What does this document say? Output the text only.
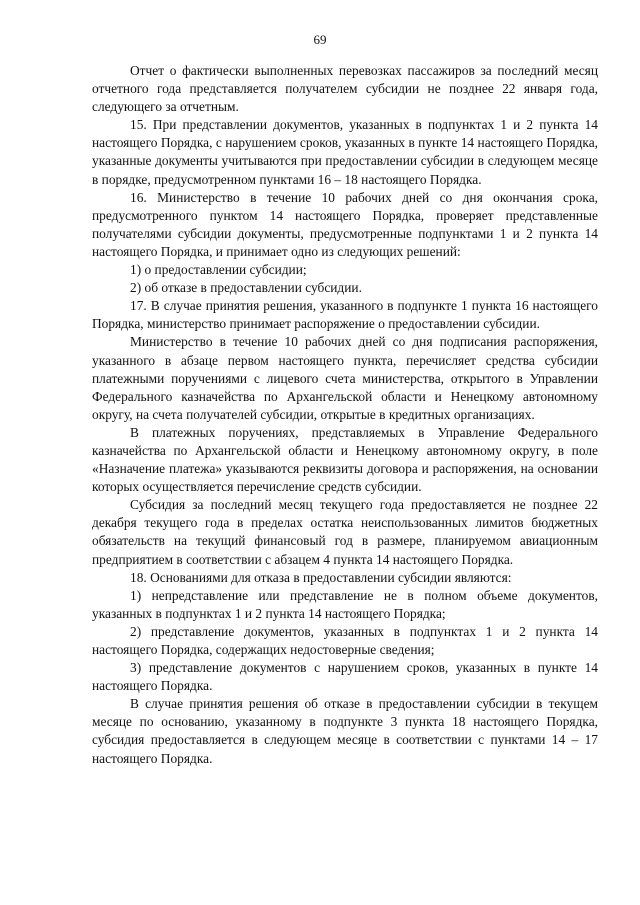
69

Отчет о фактически выполненных перевозках пассажиров за последний месяц отчетного года представляется получателем субсидии не позднее 22 января года, следующего за отчетным.

15. При представлении документов, указанных в подпунктах 1 и 2 пункта 14 настоящего Порядка, с нарушением сроков, указанных в пункте 14 настоящего Порядка, указанные документы учитываются при предоставлении субсидии в следующем месяце в порядке, предусмотренном пунктами 16 – 18 настоящего Порядка.

16. Министерство в течение 10 рабочих дней со дня окончания срока, предусмотренного пунктом 14 настоящего Порядка, проверяет представленные получателями субсидии документы, предусмотренные подпунктами 1 и 2 пункта 14 настоящего Порядка, и принимает одно из следующих решений:

1) о предоставлении субсидии;

2) об отказе в предоставлении субсидии.

17. В случае принятия решения, указанного в подпункте 1 пункта 16 настоящего Порядка, министерство принимает распоряжение о предоставлении субсидии.

Министерство в течение 10 рабочих дней со дня подписания распоряжения, указанного в абзаце первом настоящего пункта, перечисляет средства субсидии платежными поручениями с лицевого счета министерства, открытого в Управлении Федерального казначейства по Архангельской области и Ненецкому автономному округу, на счета получателей субсидии, открытые в кредитных организациях.

В платежных поручениях, представляемых в Управление Федерального казначейства по Архангельской области и Ненецкому автономному округу, в поле «Назначение платежа» указываются реквизиты договора и распоряжения, на основании которых осуществляется перечисление средств субсидии.

Субсидия за последний месяц текущего года предоставляется не позднее 22 декабря текущего года в пределах остатка неиспользованных лимитов бюджетных обязательств на текущий финансовый год в размере, планируемом авиационным предприятием в соответствии с абзацем 4 пункта 14 настоящего Порядка.

18. Основаниями для отказа в предоставлении субсидии являются:

1) непредставление или представление не в полном объеме документов, указанных в подпунктах 1 и 2 пункта 14 настоящего Порядка;

2) представление документов, указанных в подпунктах 1 и 2 пункта 14 настоящего Порядка, содержащих недостоверные сведения;

3) представление документов с нарушением сроков, указанных в пункте 14 настоящего Порядка.

В случае принятия решения об отказе в предоставлении субсидии в текущем месяце по основанию, указанному в подпункте 3 пункта 18 настоящего Порядка, субсидия предоставляется в следующем месяце в соответствии с пунктами 14 – 17 настоящего Порядка.
